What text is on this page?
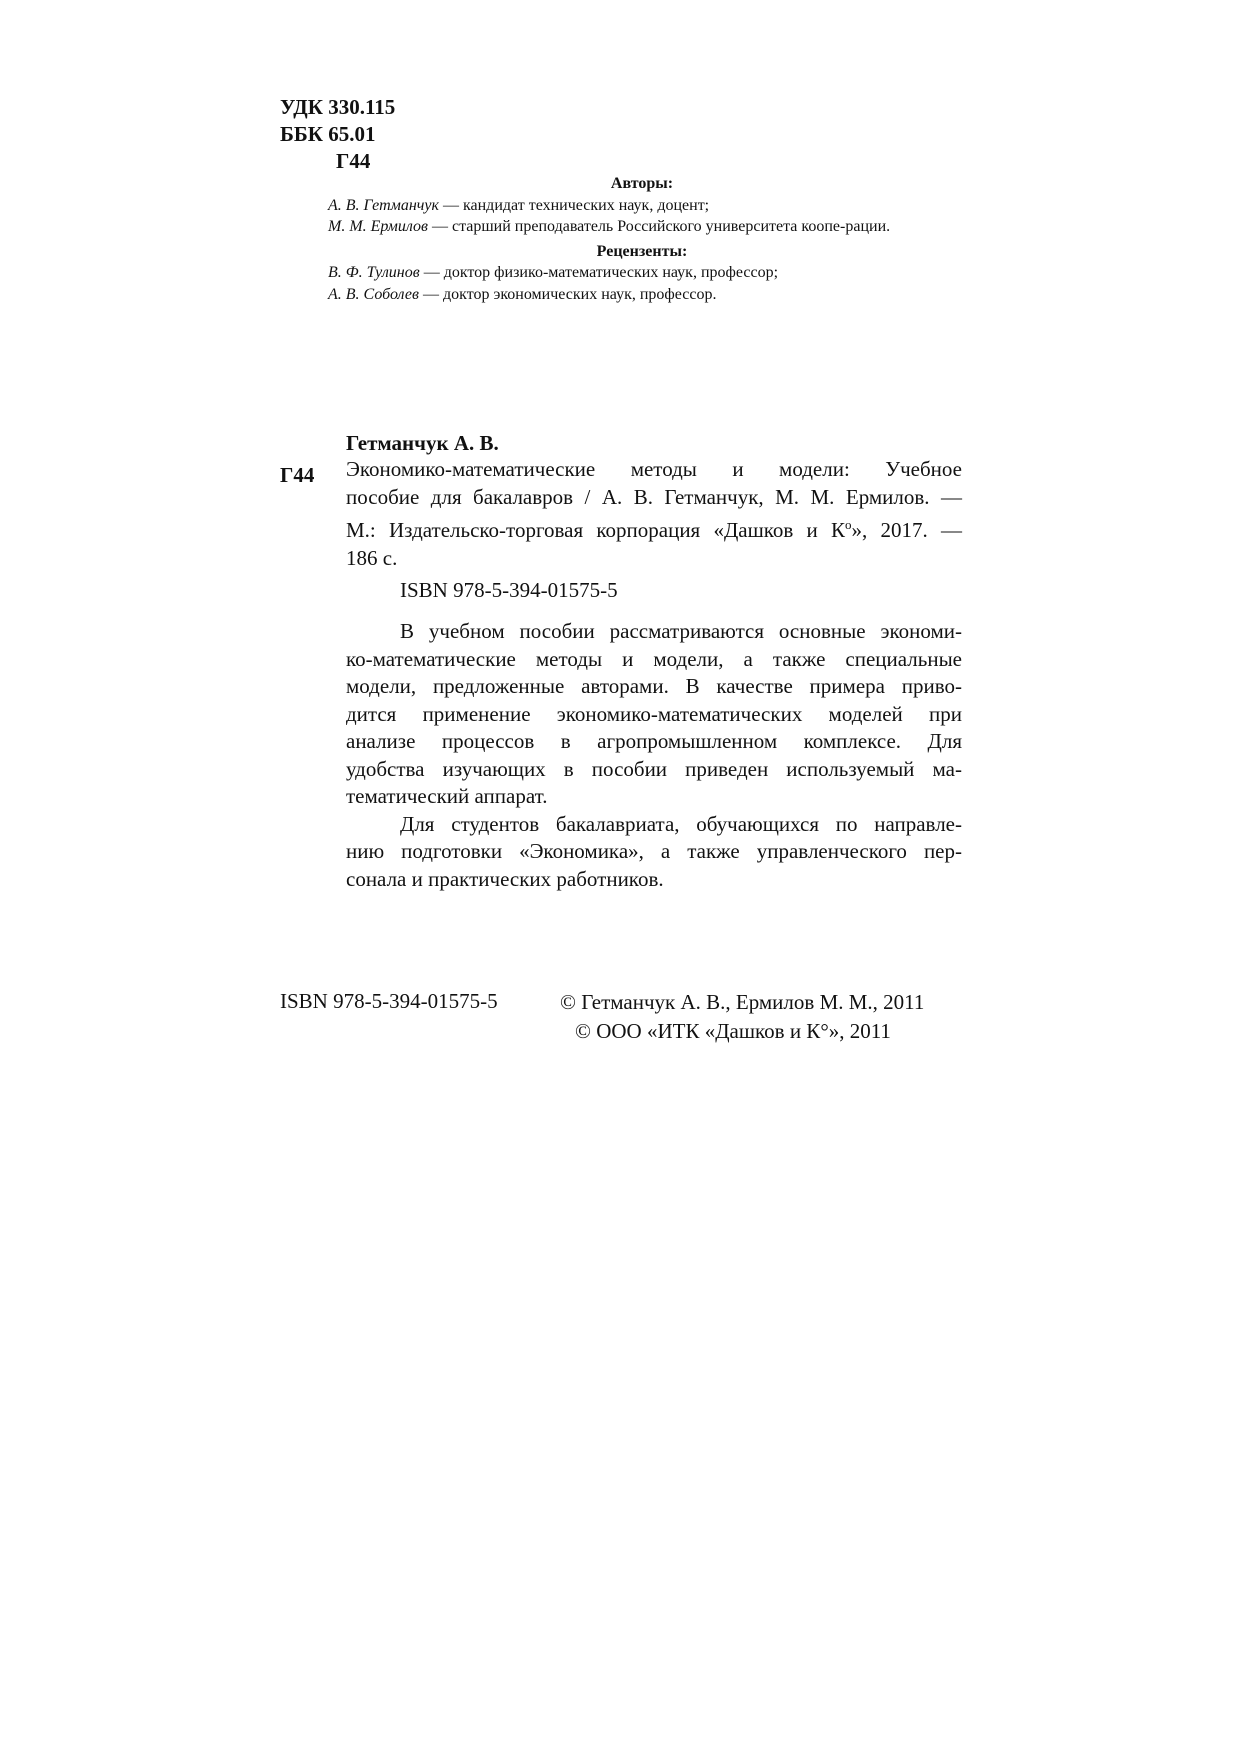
УДК 330.115
ББК 65.01
Г44
Авторы:
А. В. Гетманчук — кандидат технических наук, доцент;
М. М. Ермилов — старший преподаватель Российского университета коопе-рации.
Рецензенты:
В. Ф. Тулинов — доктор физико-математических наук, профессор;
А. В. Соболев — доктор экономических наук, профессор.
Гетманчук А. В.
Г44 Экономико-математические методы и модели: Учебное
пособие для бакалавров / А. В. Гетманчук, М. М. Ермилов. —
М.: Издательско-торговая корпорация «Дашков и $К^о$», 2017. —
186 с.
ISBN 978-5-394-01575-5
В учебном пособии рассматриваются основные экономи-
ко-математические методы и модели, а также специальные
модели, предложенные авторами. В качестве примера приво-
дится применение экономико-математических моделей при
анализе процессов в агропромышленном комплексе. Для
удобства изучающих в пособии приведен используемый ма-
тематический аппарат.
Для студентов бакалавриата, обучающихся по направле-
нию подготовки «Экономика», а также управленческого пер-
сонала и практических работников.
ISBN 978-5-394-01575-5	© Гетманчук А. В., Ермилов М. М., 2011
© ООО «ИТК «Дашков и К°», 2011
